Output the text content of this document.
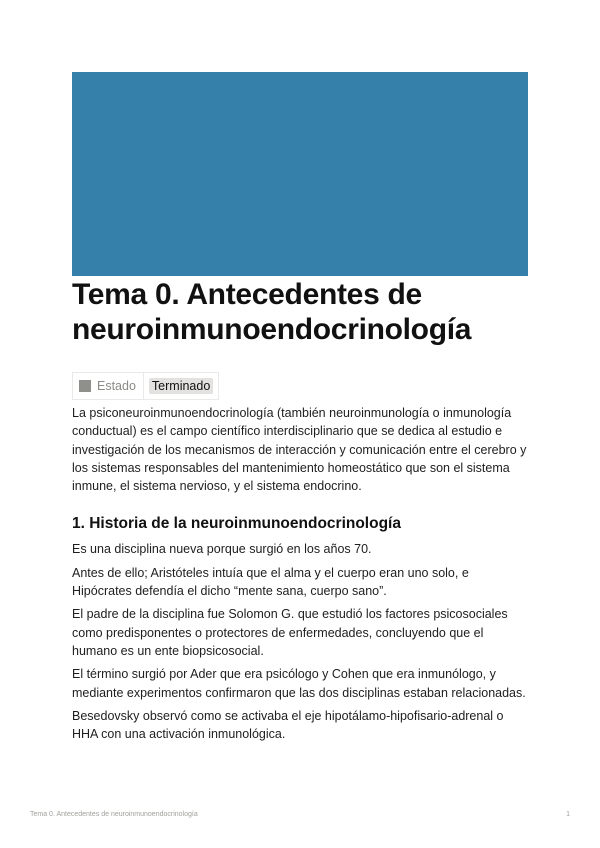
Tema 0. Antecedentes de neuroinmunoendocrinología
Estado	Terminado

La psiconeuroinmunoendocrinología (también neuroinmunología o inmunología conductual) es el campo científico interdisciplinario que se dedica al estudio e investigación de los mecanismos de interacción y comunicación entre el cerebro y los sistemas responsables del mantenimiento homeostático que son el sistema inmune, el sistema nervioso, y el sistema endocrino.

1. Historia de la neuroinmunoendocrinología

Es una disciplina nueva porque surgió en los años 70.

Antes de ello; Aristóteles intuía que el alma y el cuerpo eran uno solo, e Hipócrates defendía el dicho “mente sana, cuerpo sano”.

El padre de la disciplina fue Solomon G. que estudió los factores psicosociales como predisponentes o protectores de enfermedades, concluyendo que el humano es un ente biopsicosocial.

El término surgió por Ader que era psicólogo y Cohen que era inmunólogo, y mediante experimentos confirmaron que las dos disciplinas estaban relacionadas.

Besedovsky observó como se activaba el eje hipotálamo-hipofisario-adrenal o HHA con una activación inmunológica.

Tema 0. Antecedentes de neuroinmunoendocrinología	1
